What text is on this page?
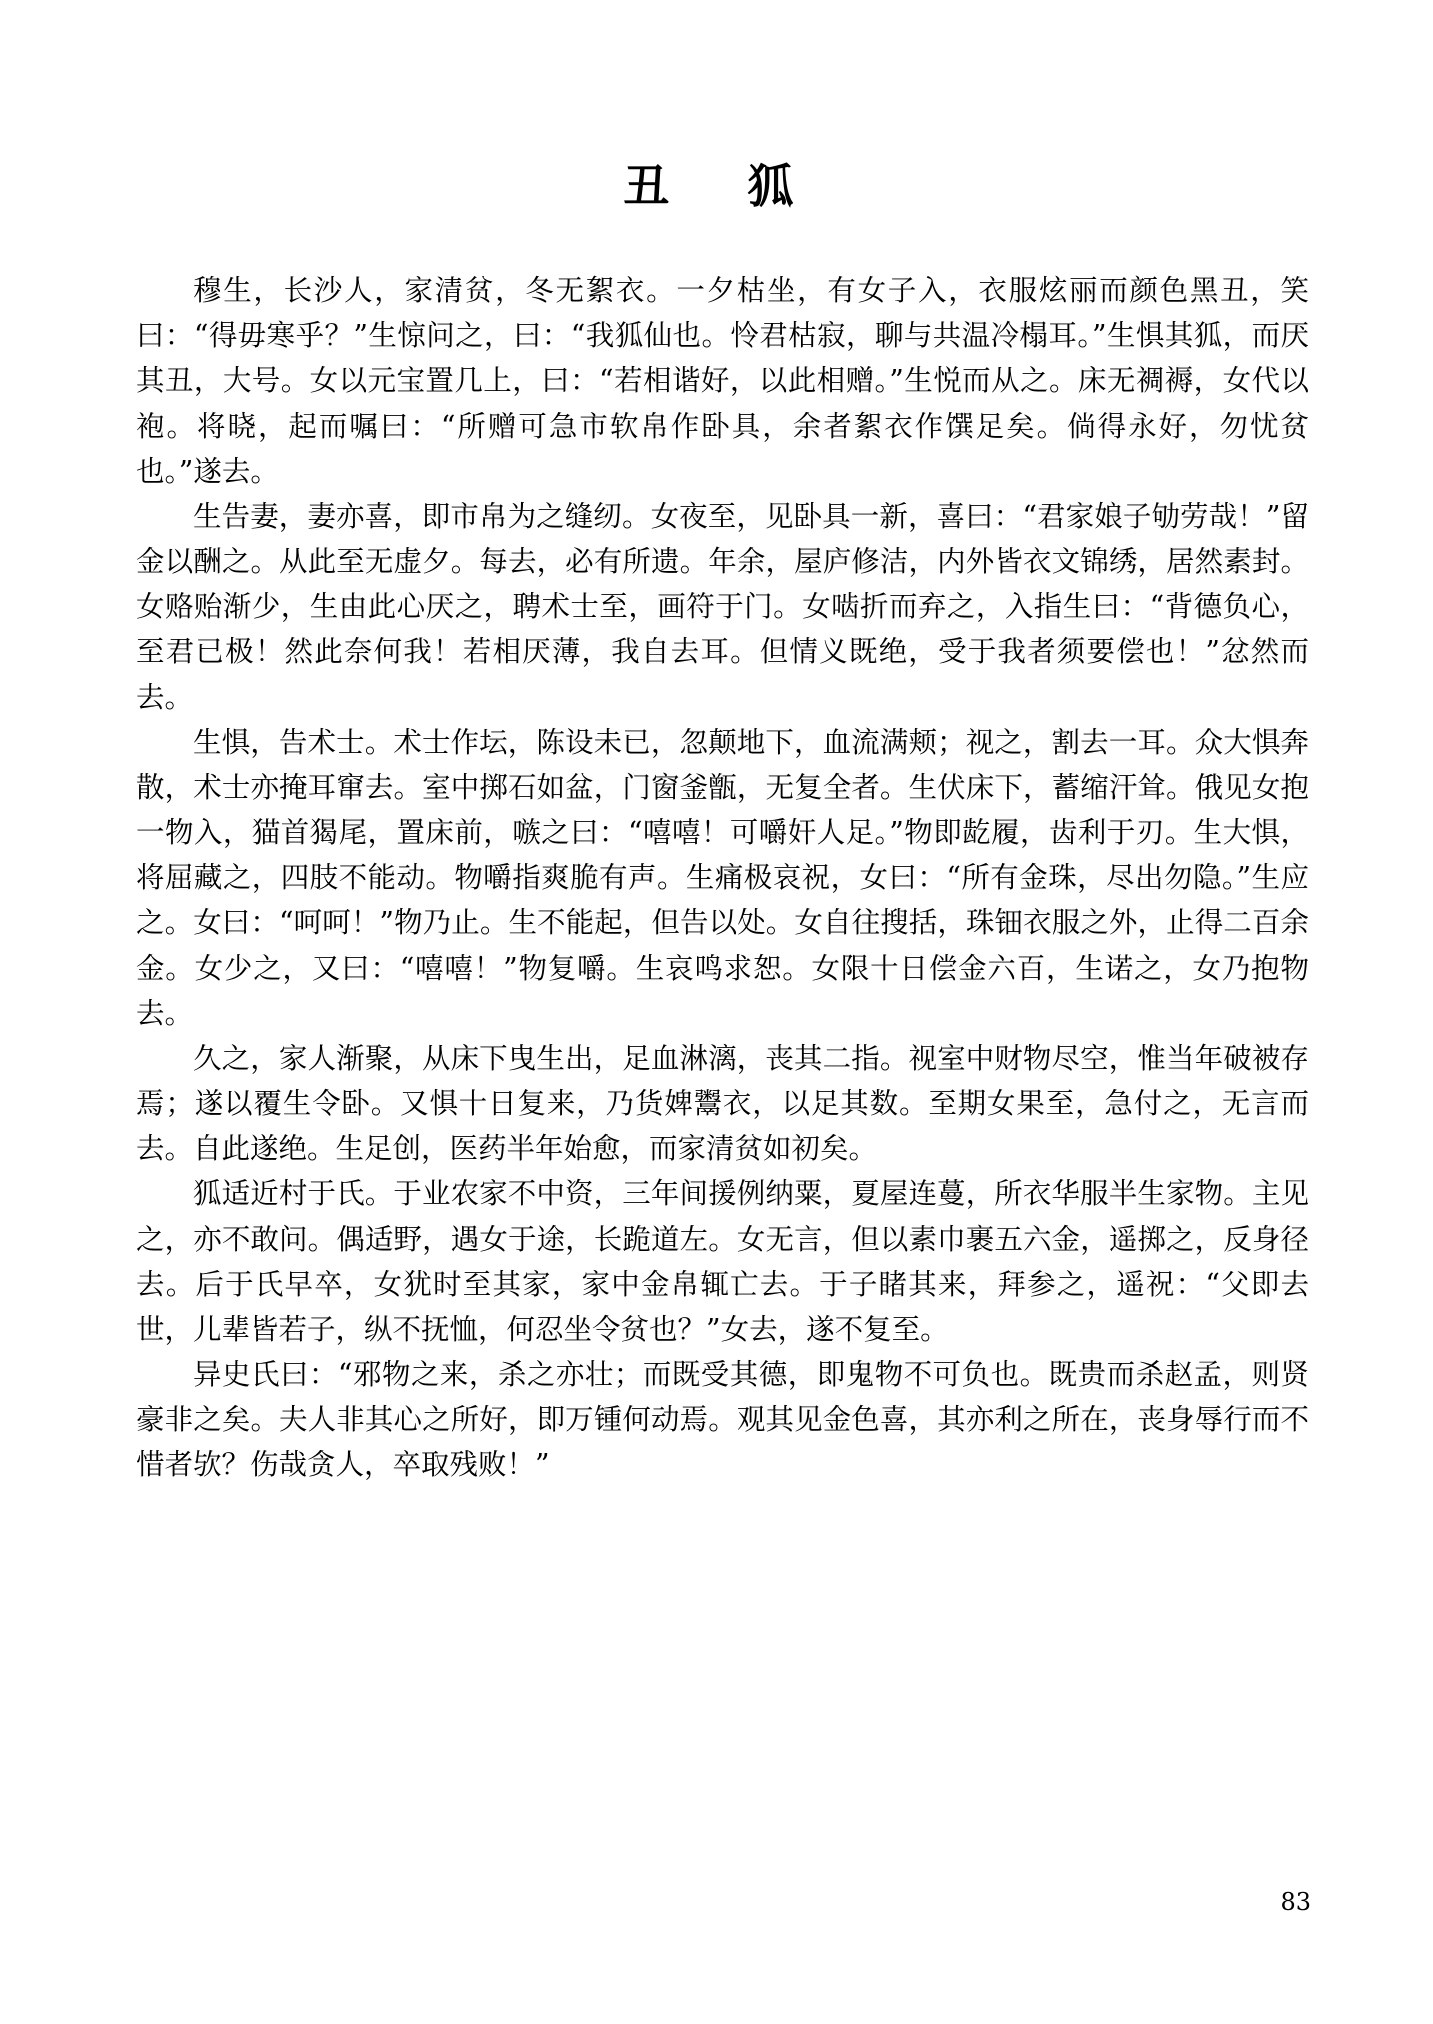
丑　狐

穆生，长沙人，家清贫，冬无絮衣。一夕枯坐，有女子入，衣服炫丽而颜色黑丑，笑曰：“得毋寒乎？”生惊问之，曰：“我狐仙也。怜君枯寂，聊与共温冷榻耳。”生惧其狐，而厌其丑，大号。女以元宝置几上，曰：“若相谐好，以此相赠。”生悦而从之。床无裯褥，女代以袍。将晓，起而嘱曰：“所赠可急市软帛作卧具，余者絮衣作馔足矣。倘得永好，勿忧贫也。”遂去。

生告妻，妻亦喜，即市帛为之缝纫。女夜至，见卧具一新，喜曰：“君家娘子劬劳哉！”留金以酬之。从此至无虚夕。每去，必有所遗。年余，屋庐修洁，内外皆衣文锦绣，居然素封。女赂贻渐少，生由此心厌之，聘术士至，画符于门。女啮折而弃之，入指生曰：“背德负心，至君已极！然此奈何我！若相厌薄，我自去耳。但情义既绝，受于我者须要偿也！”忿然而去。

生惧，告术士。术士作坛，陈设未已，忽颠地下，血流满颊；视之，割去一耳。众大惧奔散，术士亦掩耳窜去。室中掷石如盆，门窗釜甑，无复全者。生伏床下，蓄缩汗耸。俄见女抱一物入，猫首猲尾，置床前，嗾之曰：“嘻嘻！可嚼奸人足。”物即龁履，齿利于刃。生大惧，将屈藏之，四肢不能动。物嚼指爽脆有声。生痛极哀祝，女曰：“所有金珠，尽出勿隐。”生应之。女曰：“呵呵！”物乃止。生不能起，但告以处。女自往搜括，珠钿衣服之外，止得二百余金。女少之，又曰：“嘻嘻！”物复嚼。生哀鸣求恕。女限十日偿金六百，生诺之，女乃抱物去。

久之，家人渐聚，从床下曳生出，足血淋漓，丧其二指。视室中财物尽空，惟当年破被存焉；遂以覆生令卧。又惧十日复来，乃货婢鬻衣，以足其数。至期女果至，急付之，无言而去。自此遂绝。生足创，医药半年始愈，而家清贫如初矣。

狐适近村于氏。于业农家不中资，三年间援例纳粟，夏屋连蔓，所衣华服半生家物。主见之，亦不敢问。偶适野，遇女于途，长跪道左。女无言，但以素巾裹五六金，遥掷之，反身径去。后于氏早卒，女犹时至其家，家中金帛辄亡去。于子睹其来，拜参之，遥祝：“父即去世，儿辈皆若子，纵不抚恤，何忍坐令贫也？”女去，遂不复至。

异史氏曰：“邪物之来，杀之亦壮；而既受其德，即鬼物不可负也。既贵而杀赵孟，则贤豪非之矣。夫人非其心之所好，即万锺何动焉。观其见金色喜，其亦利之所在，丧身辱行而不惜者欤？伤哉贪人，卒取残败！”

83
